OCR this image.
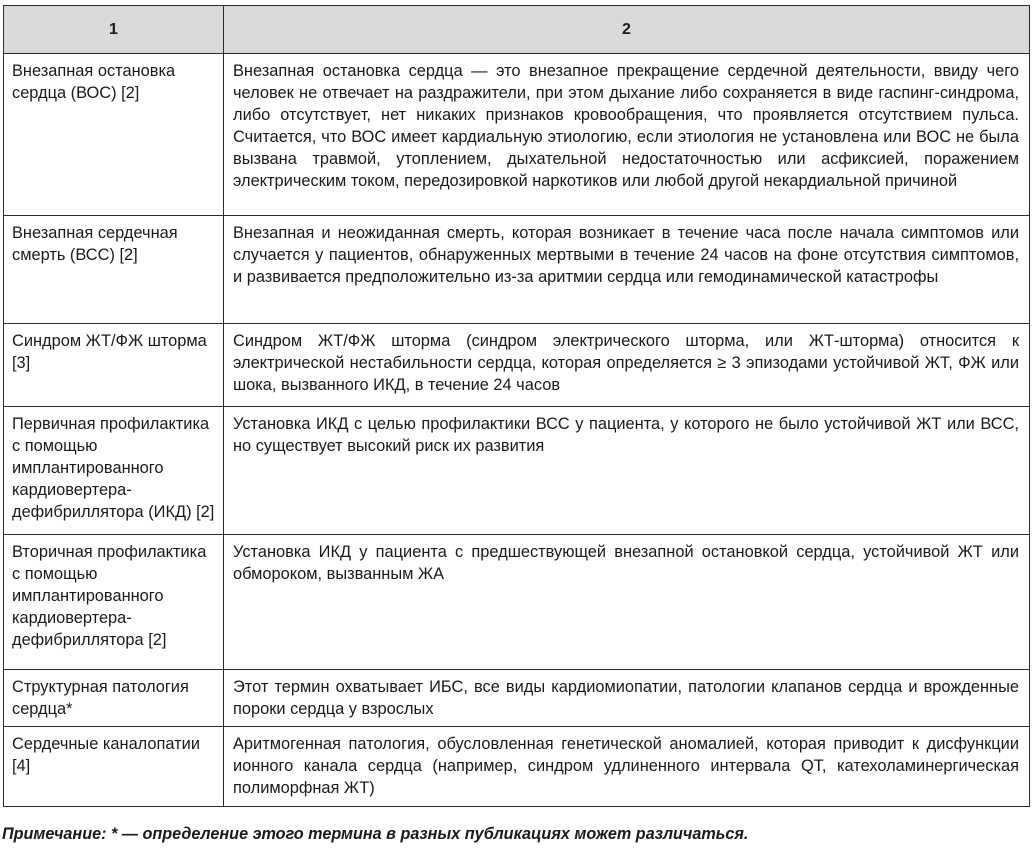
1	2
Внезапная остановка сердца (ВОС) [2]	Внезапная остановка сердца — это внезапное прекращение сердечной деятельности, ввиду чего человек не отвечает на раздражители, при этом дыхание либо сохраняется в виде гаспинг-синдрома, либо отсутствует, нет никаких признаков кровообращения, что проявляется отсутствием пульса. Считается, что ВОС имеет кардиальную этиологию, если этиология не установлена или ВОС не была вызвана травмой, утоплением, дыхательной недостаточностью или асфиксией, поражением электрическим током, передозировкой наркотиков или любой другой некардиальной причиной
Внезапная сердечная смерть (ВСС) [2]	Внезапная и неожиданная смерть, которая возникает в течение часа после начала симптомов или случается у пациентов, обнаруженных мертвыми в течение 24 часов на фоне отсутствия симптомов, и развивается предположительно из-за аритмии сердца или гемодинамической катастрофы
Синдром ЖТ/ФЖ шторма [3]	Синдром ЖТ/ФЖ шторма (синдром электрического шторма, или ЖТ-шторма) относится к электрической нестабильности сердца, которая определяется ≥ 3 эпизодами устойчивой ЖТ, ФЖ или шока, вызванного ИКД, в течение 24 часов
Первичная профилактика с помощью имплантированного кардиовертера-дефибриллятора (ИКД) [2]	Установка ИКД с целью профилактики ВСС у пациента, у которого не было устойчивой ЖТ или ВСС, но существует высокий риск их развития
Вторичная профилактика с помощью имплантированного кардиовертера-дефибриллятора [2]	Установка ИКД у пациента с предшествующей внезапной остановкой сердца, устойчивой ЖТ или обмороком, вызванным ЖА
Структурная патология сердца*	Этот термин охватывает ИБС, все виды кардиомиопатии, патологии клапанов сердца и врожденные пороки сердца у взрослых
Сердечные каналопатии [4]	Аритмогенная патология, обусловленная генетической аномалией, которая приводит к дисфункции ионного канала сердца (например, синдром удлиненного интервала QT, катехоламинергическая полиморфная ЖТ)
Примечание: * — определение этого термина в разных публикациях может различаться.
